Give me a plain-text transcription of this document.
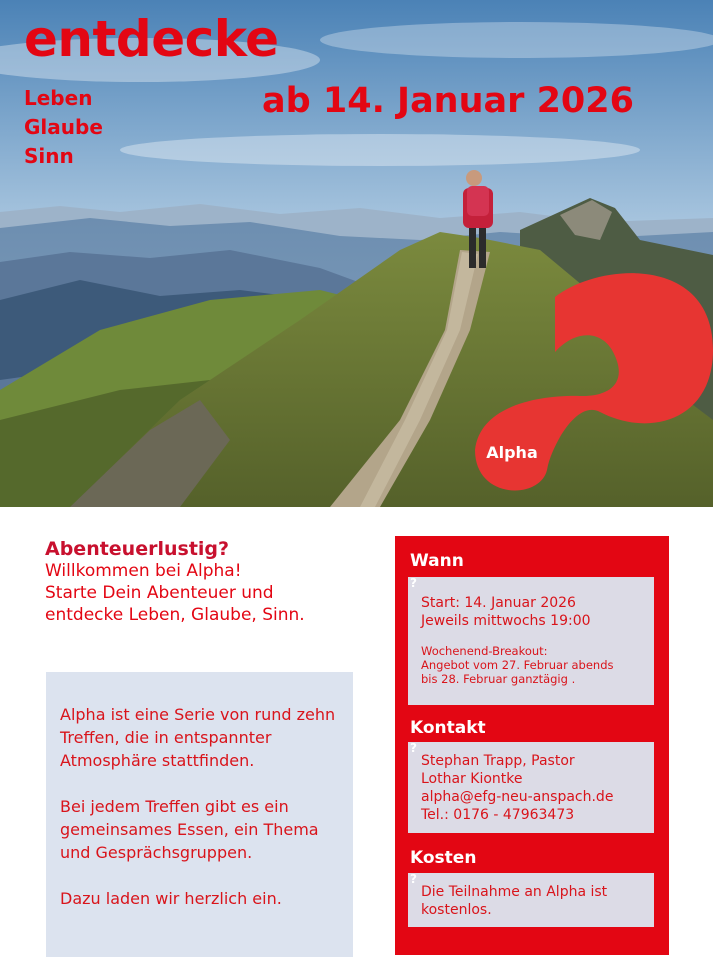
entdecke
Leben
Glaube
Sinn
ab 14. Januar 2026
Alpha
Abenteuerlustig?
Willkommen bei Alpha!
Starte Dein Abenteuer und
entdecke Leben, Glaube, Sinn.

Alpha ist eine Serie von rund zehn Treffen, die in entspannter Atmosphäre stattfinden.

Bei jedem Treffen gibt es ein gemeinsames Essen, ein Thema und Gesprächsgruppen.

Dazu laden wir herzlich ein.

Wann
?
Start: 14. Januar 2026
Jeweils mittwochs 19:00
Wochenend-Breakout:
Angebot vom 27. Februar abends
bis 28. Februar ganztägig .
Kontakt
?
Stephan Trapp, Pastor
Lothar Kiontke
alpha@efg-neu-anspach.de
Tel.: 0176 - 47963473
Kosten
?
Die Teilnahme an Alpha ist
kostenlos.
